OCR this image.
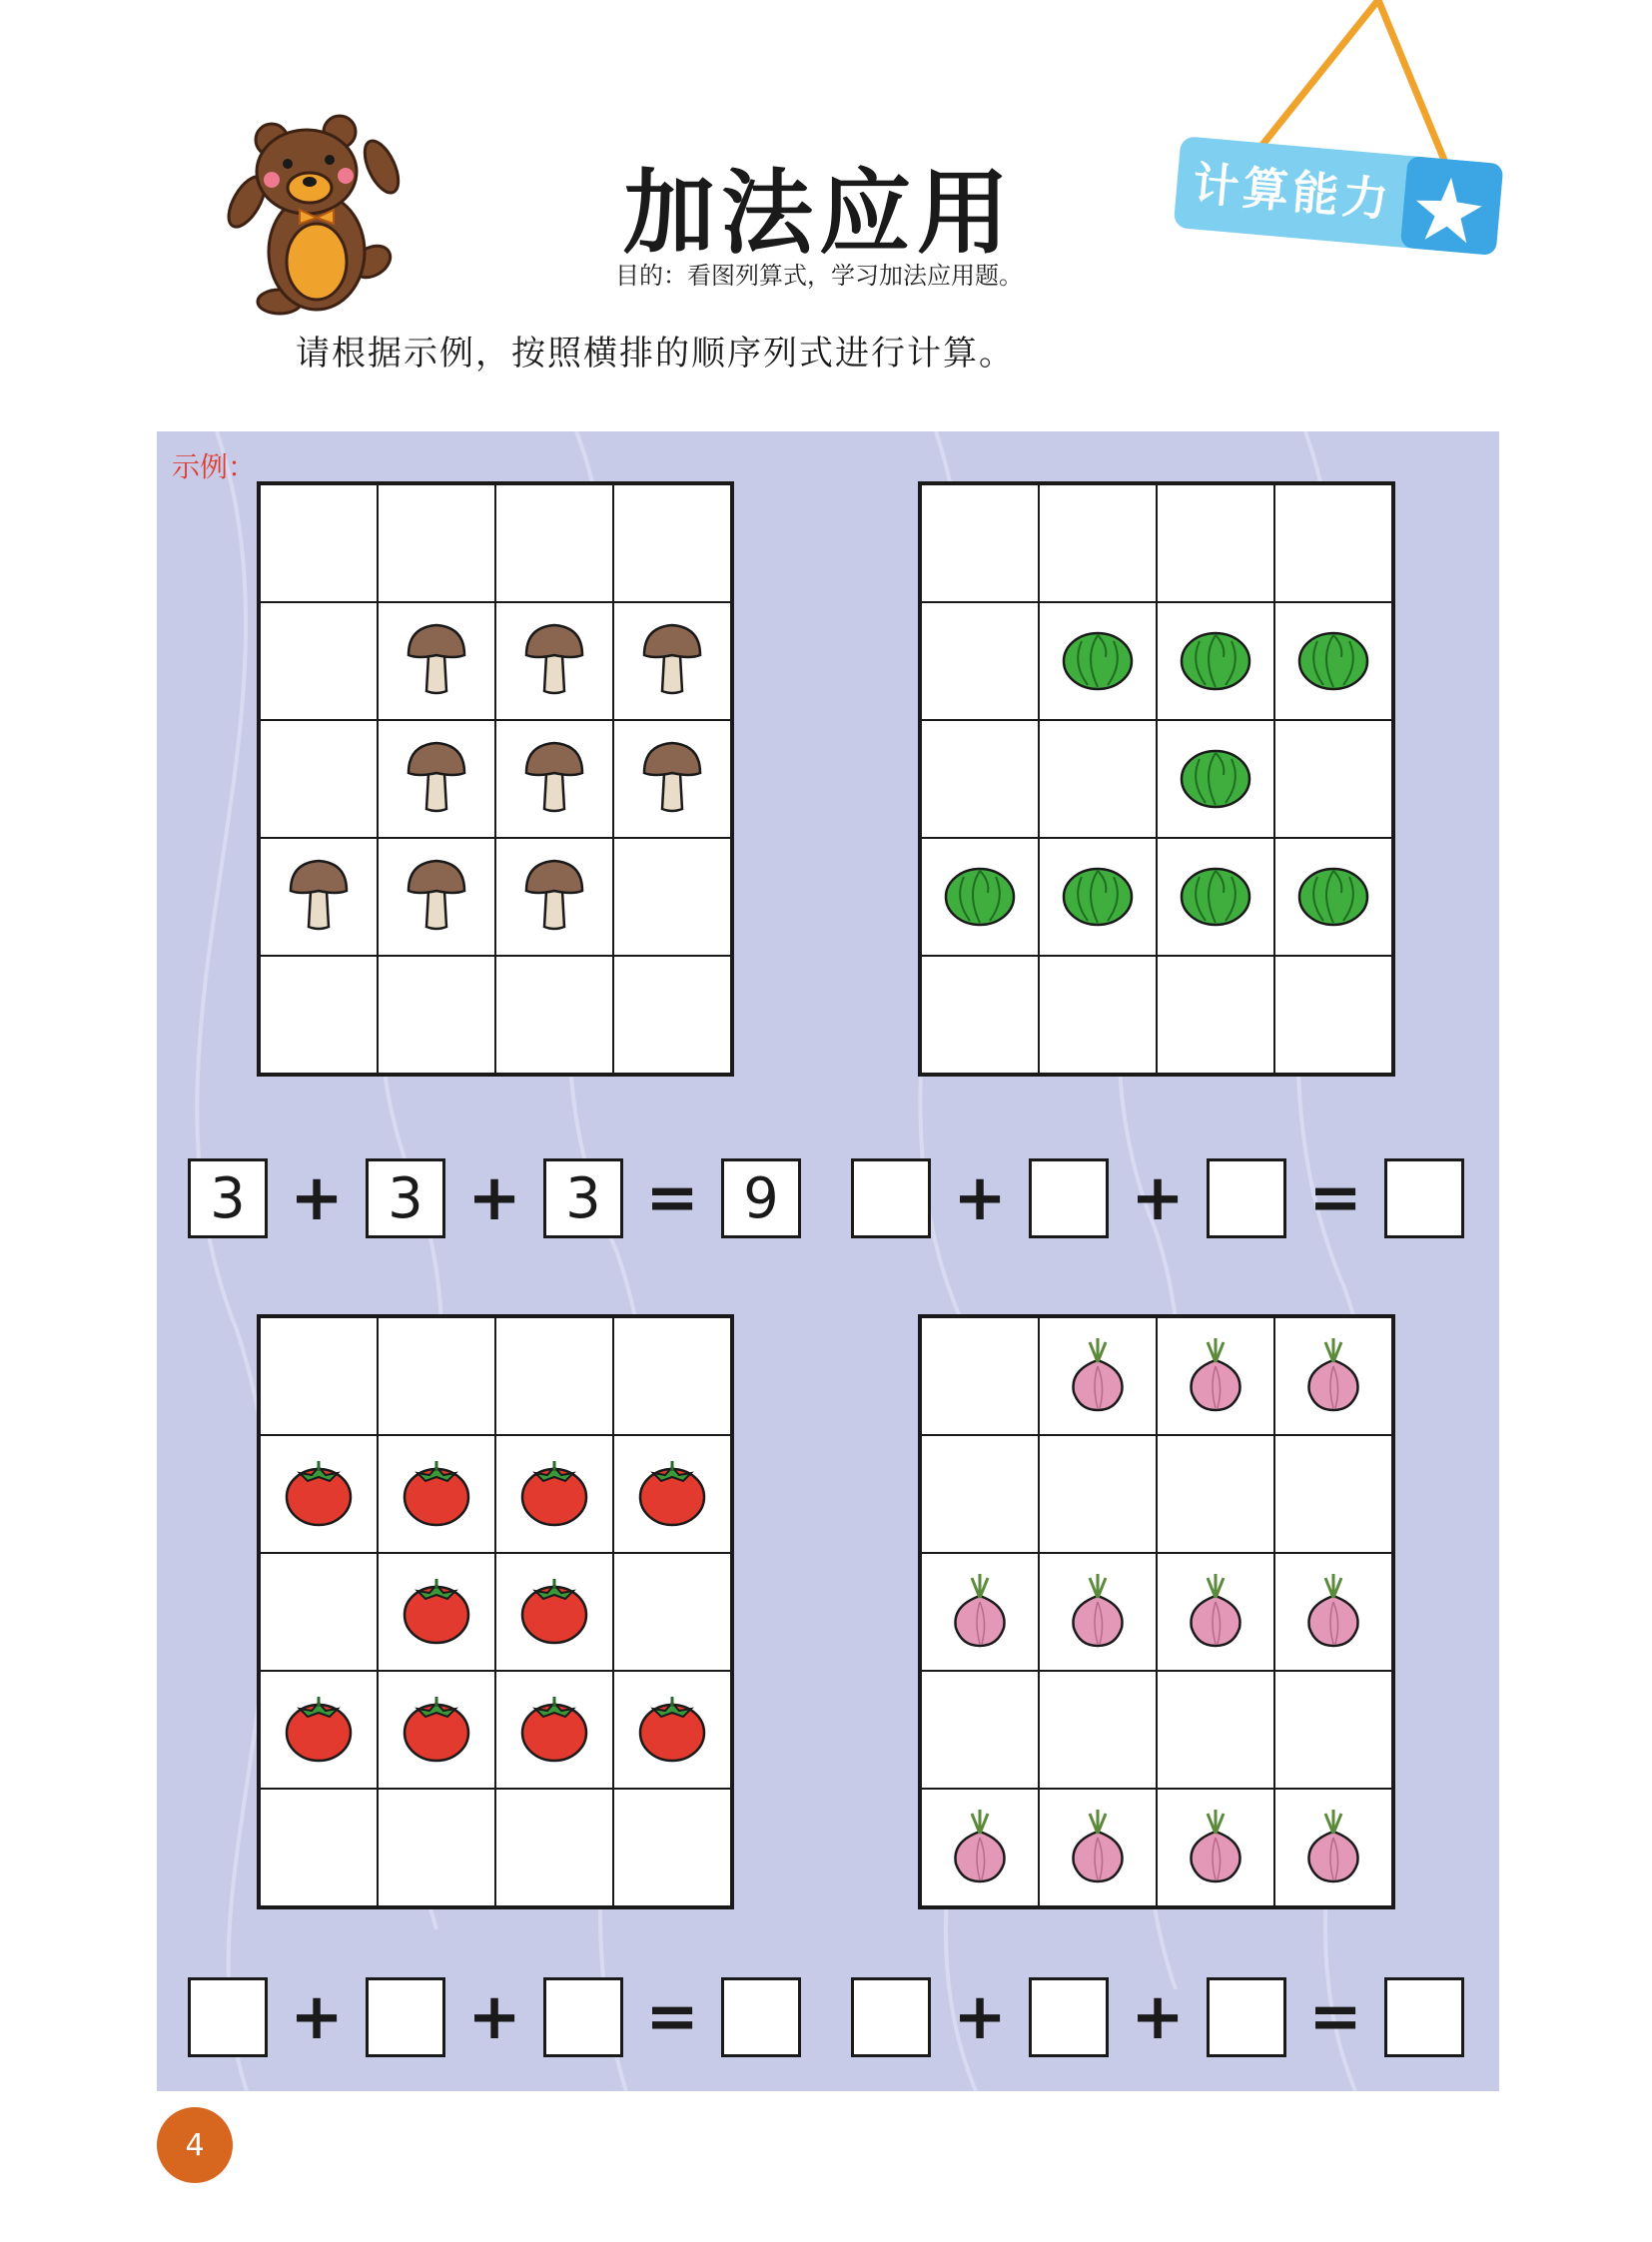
加法应用
目的：看图列算式，学习加法应用题。
计算能力
请根据示例，按照横排的顺序列式进行计算。
示例：
3 + 3 + 3 = 9	+	+	=
+	+	=	+	+	=
4
